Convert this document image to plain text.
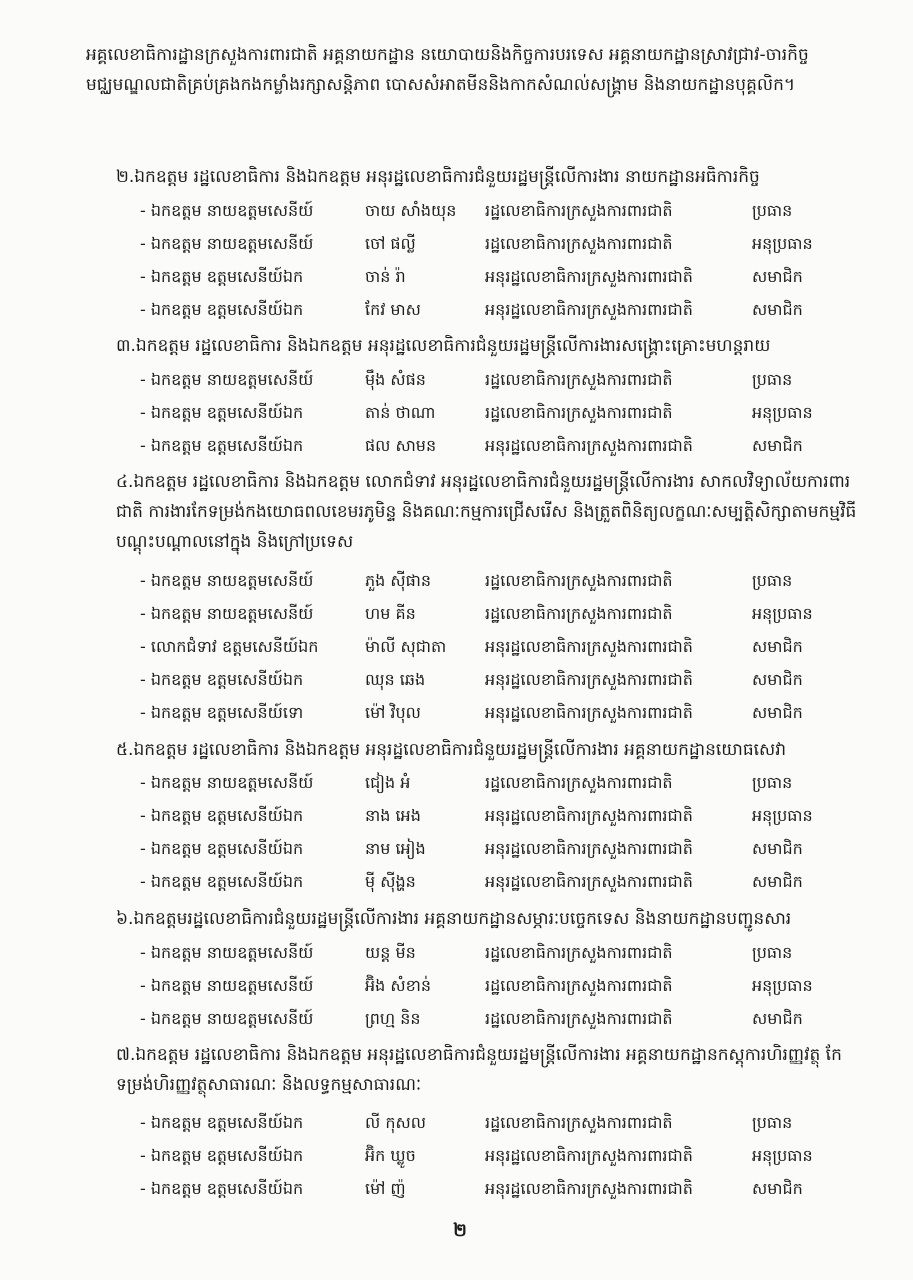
អគ្គលេខាធិការដ្ឋានក្រសួងការពារជាតិ អគ្គនាយកដ្ឋាន នយោបាយនិងកិច្ចការបរទេស អគ្គនាយកដ្ឋានស្រាវជ្រាវ-ចារកិច្ច មជ្ឈមណ្ឌលជាតិគ្រប់គ្រងកងកម្លាំងរក្សាសន្តិភាព បោសសំអាតមីននិងកាកសំណល់សង្គ្រាម និងនាយកដ្ឋានបុគ្គលិក។

២.ឯកឧត្តម រដ្ឋលេខាធិការ និងឯកឧត្តម អនុរដ្ឋលេខាធិការជំនួយរដ្ឋមន្ត្រីលើការងារ នាយកដ្ឋានអធិការកិច្ច

- ឯកឧត្តម នាយឧត្តមសេនីយ៍	ចាយ សាំងយុន រដ្ឋលេខាធិការក្រសួងការពារជាតិ	ប្រធាន
- ឯកឧត្តម នាយឧត្តមសេនីយ៍	ចៅ ផល្លី	រដ្ឋលេខាធិការក្រសួងការពារជាតិ	អនុប្រធាន
- ឯកឧត្តម ឧត្តមសេនីយ៍ឯក	ចាន់ រ៉ា	អនុរដ្ឋលេខាធិការក្រសួងការពារជាតិ	សមាជិក
- ឯកឧត្តម ឧត្តមសេនីយ៍ឯក	កែវ មាស	អនុរដ្ឋលេខាធិការក្រសួងការពារជាតិ	សមាជិក

៣.ឯកឧត្តម រដ្ឋលេខាធិការ និងឯកឧត្តម អនុរដ្ឋលេខាធិការជំនួយរដ្ឋមន្ត្រីលើការងារសង្គ្រោះគ្រោះមហន្តរាយ

- ឯកឧត្តម នាយឧត្តមសេនីយ៍	ម៉ឹង សំផន	រដ្ឋលេខាធិការក្រសួងការពារជាតិ	ប្រធាន
- ឯកឧត្តម ឧត្តមសេនីយ៍ឯក	តាន់ ថាណា	រដ្ឋលេខាធិការក្រសួងការពារជាតិ	អនុប្រធាន
- ឯកឧត្តម ឧត្តមសេនីយ៍ឯក	ផល សាមន	អនុរដ្ឋលេខាធិការក្រសួងការពារជាតិ	សមាជិក

៤.ឯកឧត្តម រដ្ឋលេខាធិការ និងឯកឧត្តម លោកជំទាវ អនុរដ្ឋលេខាធិការជំនួយរដ្ឋមន្ត្រីលើការងារ សាកលវិទ្យាល័យការពារជាតិ ការងារកែទម្រង់កងយោធពលខេមរភូមិន្ទ និងគណៈកម្មការជ្រើសរើស និងត្រួតពិនិត្យលក្ខណៈសម្បត្តិសិក្សាតាមកម្មវិធីបណ្តុះបណ្តាលនៅក្នុង និងក្រៅប្រទេស

- ឯកឧត្តម នាយឧត្តមសេនីយ៍	ភួង ស៊ីផាន	រដ្ឋលេខាធិការក្រសួងការពារជាតិ	ប្រធាន
- ឯកឧត្តម នាយឧត្តមសេនីយ៍	ហម គីន	រដ្ឋលេខាធិការក្រសួងការពារជាតិ	អនុប្រធាន
- លោកជំទាវ ឧត្តមសេនីយ៍ឯក	ម៉ាលី សុជាតា អនុរដ្ឋលេខាធិការក្រសួងការពារជាតិ	សមាជិក
- ឯកឧត្តម ឧត្តមសេនីយ៍ឯក	ឈុន ឆេង	អនុរដ្ឋលេខាធិការក្រសួងការពារជាតិ	សមាជិក
- ឯកឧត្តម ឧត្តមសេនីយ៍ទោ	ម៉ៅ វិបុល	អនុរដ្ឋលេខាធិការក្រសួងការពារជាតិ	សមាជិក

៥.ឯកឧត្តម រដ្ឋលេខាធិការ និងឯកឧត្តម អនុរដ្ឋលេខាធិការជំនួយរដ្ឋមន្ត្រីលើការងារ អគ្គនាយកដ្ឋានយោធសេវា

- ឯកឧត្តម នាយឧត្តមសេនីយ៍	ជៀង អំ	រដ្ឋលេខាធិការក្រសួងការពារជាតិ	ប្រធាន
- ឯកឧត្តម ឧត្តមសេនីយ៍ឯក	នាង អេង	អនុរដ្ឋលេខាធិការក្រសួងការពារជាតិ	អនុប្រធាន
- ឯកឧត្តម ឧត្តមសេនីយ៍ឯក	នាម អៀង	អនុរដ្ឋលេខាធិការក្រសួងការពារជាតិ	សមាជិក
- ឯកឧត្តម ឧត្តមសេនីយ៍ឯក	ម៉ី ស៊ីង្ហន	អនុរដ្ឋលេខាធិការក្រសួងការពារជាតិ	សមាជិក

៦.ឯកឧត្តមរដ្ឋលេខាធិការជំនួយរដ្ឋមន្ត្រីលើការងារ អគ្គនាយកដ្ឋានសម្ភារៈបច្ចេកទេស និងនាយកដ្ឋានបញ្ជូនសារ

- ឯកឧត្តម នាយឧត្តមសេនីយ៍	យន្ត មីន	រដ្ឋលេខាធិការក្រសួងការពារជាតិ	ប្រធាន
- ឯកឧត្តម នាយឧត្តមសេនីយ៍	អ៊ិង សំខាន់	រដ្ឋលេខាធិការក្រសួងការពារជាតិ	អនុប្រធាន
- ឯកឧត្តម នាយឧត្តមសេនីយ៍	ព្រហ្ម និន	រដ្ឋលេខាធិការក្រសួងការពារជាតិ	សមាជិក

៧.ឯកឧត្តម រដ្ឋលេខាធិការ និងឯកឧត្តម អនុរដ្ឋលេខាធិការជំនួយរដ្ឋមន្ត្រីលើការងារ អគ្គនាយកដ្ឋានកស្តុការហិរញ្ញវត្ថុ កែទម្រង់ហិរញ្ញវត្ថុសាធារណៈ និងលទ្ធកម្មសាធារណៈ

- ឯកឧត្តម ឧត្តមសេនីយ៍ឯក	លី កុសល	រដ្ឋលេខាធិការក្រសួងការពារជាតិ	ប្រធាន
- ឯកឧត្តម ឧត្តមសេនីយ៍ឯក	អ៊ិក ឃ្លូច	អនុរដ្ឋលេខាធិការក្រសួងការពារជាតិ	អនុប្រធាន
- ឯកឧត្តម ឧត្តមសេនីយ៍ឯក	ម៉ៅ ញ៉	អនុរដ្ឋលេខាធិការក្រសួងការពារជាតិ	សមាជិក
២
